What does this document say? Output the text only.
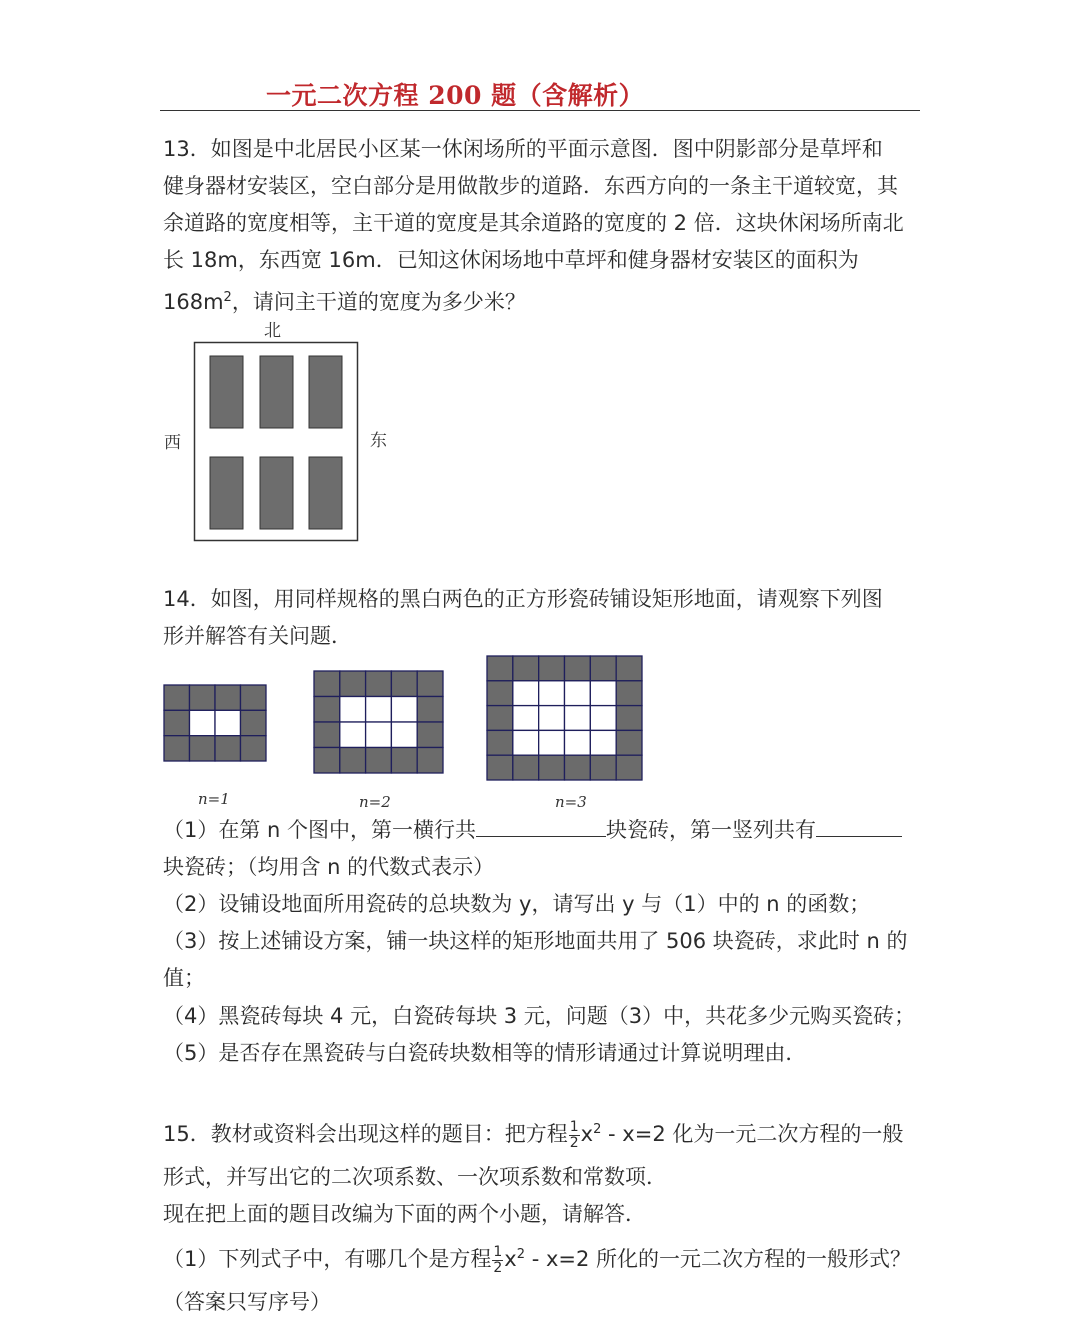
一元二次方程 200 题（含解析）
13．如图是中北居民小区某一休闲场所的平面示意图．图中阴影部分是草坪和
健身器材安装区，空白部分是用做散步的道路．东西方向的一条主干道较宽，其
余道路的宽度相等，主干道的宽度是其余道路的宽度的 2 倍．这块休闲场所南北
长 18m，东西宽 16m．已知这休闲场地中草坪和健身器材安装区的面积为
$168m^2$，请问主干道的宽度为多少米？
北
西	东
14．如图，用同样规格的黑白两色的正方形瓷砖铺设矩形地面，请观察下列图
形并解答有关问题．
n=1	n=2	n=3
（1）在第 n 个图中，第一横行共	块瓷砖，第一竖列共有
块瓷砖；（均用含 n 的代数式表示）
（2）设铺设地面所用瓷砖的总块数为 y，请写出 y 与（1）中的 n 的函数；
（3）按上述铺设方案，铺一块这样的矩形地面共用了 506 块瓷砖，求此时 n 的
值；
（4）黑瓷砖每块 4 元，白瓷砖每块 3 元，问题（3）中，共花多少元购买瓷砖；
（5）是否存在黑瓷砖与白瓷砖块数相等的情形请通过计算说明理由．
15．教材或资料会出现这样的题目：把方程 $\frac{1}{2} x^2 - x=2$ 化为一元二次方程的一般
形式，并写出它的二次项系数、一次项系数和常数项．
现在把上面的题目改编为下面的两个小题，请解答．
（1）下列式子中，有哪几个是方程 $\frac{1}{2} x^2 - x=2$ 所化的一元二次方程的一般形式？
（答案只写序号）
